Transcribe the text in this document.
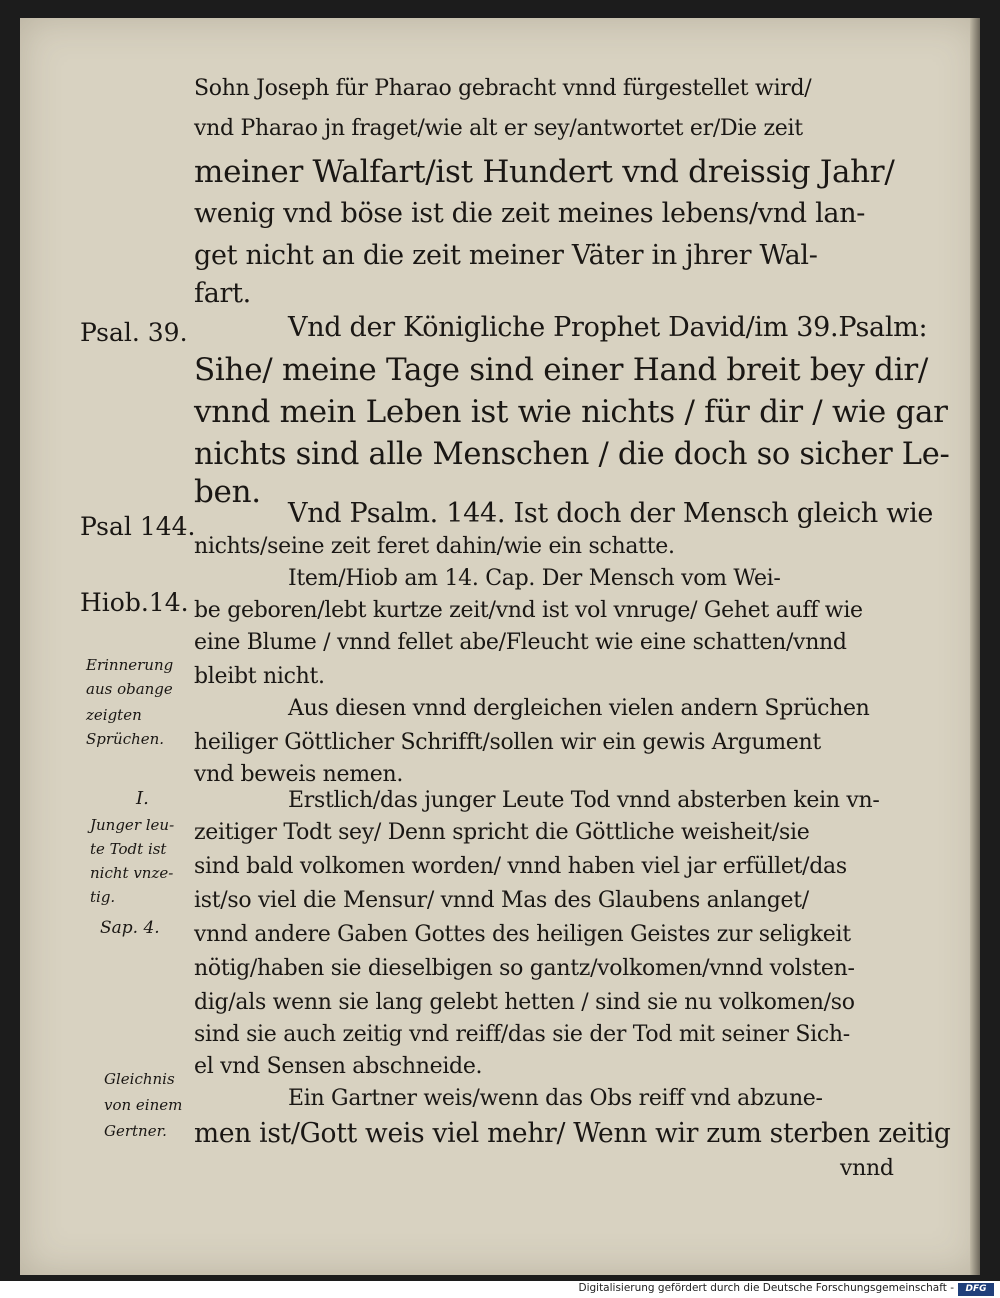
Sohn Joseph für Pharao gebracht vnnd fürgestellet wird/
vnd Pharao jn fraget/wie alt er sey/antwortet er/Die zeit
meiner Walfart/ist Hundert vnd dreissig Jahr/
wenig vnd böse ist die zeit meines lebens/vnd lan-
get nicht an die zeit meiner Väter in jhrer Wal-
fart.
Vnd der Königliche Prophet David/im 39.Psalm:
Sihe/ meine Tage sind einer Hand breit bey dir/
vnnd mein Leben ist wie nichts / für dir / wie gar
nichts sind alle Menschen / die doch so sicher Le-
ben.
Vnd Psalm. 144. Ist doch der Mensch gleich wie
nichts/seine zeit feret dahin/wie ein schatte.
Item/Hiob am 14. Cap. Der Mensch vom Wei-
be geboren/lebt kurtze zeit/vnd ist vol vnruge/ Gehet auff wie
eine Blume / vnnd fellet abe/Fleucht wie eine schatten/vnnd
bleibt nicht.
Aus diesen vnnd dergleichen vielen andern Sprüchen
heiliger Göttlicher Schrifft/sollen wir ein gewis Argument
vnd beweis nemen.
Erstlich/das junger Leute Tod vnnd absterben kein vn-
zeitiger Todt sey/ Denn spricht die Göttliche weisheit/sie
sind bald volkomen worden/ vnnd haben viel jar erfüllet/das
ist/so viel die Mensur/ vnnd Mas des Glaubens anlanget/
vnnd andere Gaben Gottes des heiligen Geistes zur seligkeit
nötig/haben sie dieselbigen so gantz/volkomen/vnnd volsten-
dig/als wenn sie lang gelebt hetten / sind sie nu volkomen/so
sind sie auch zeitig vnd reiff/das sie der Tod mit seiner Sich-
el vnd Sensen abschneide.
Ein Gartner weis/wenn das Obs reiff vnd abzune-
men ist/Gott weis viel mehr/ Wenn wir zum sterben zeitig
vnnd
Psal. 39.
Psal 144.
Hiob.14.
Erinnerung
aus obange
zeigten
Sprüchen.
I.
Junger leu-
te Todt ist
nicht vnze-
tig.
Sap. 4.
Gleichnis
von einem
Gertner.
Digitalisierung gefördert durch die Deutsche Forschungsgemeinschaft -	DFG
